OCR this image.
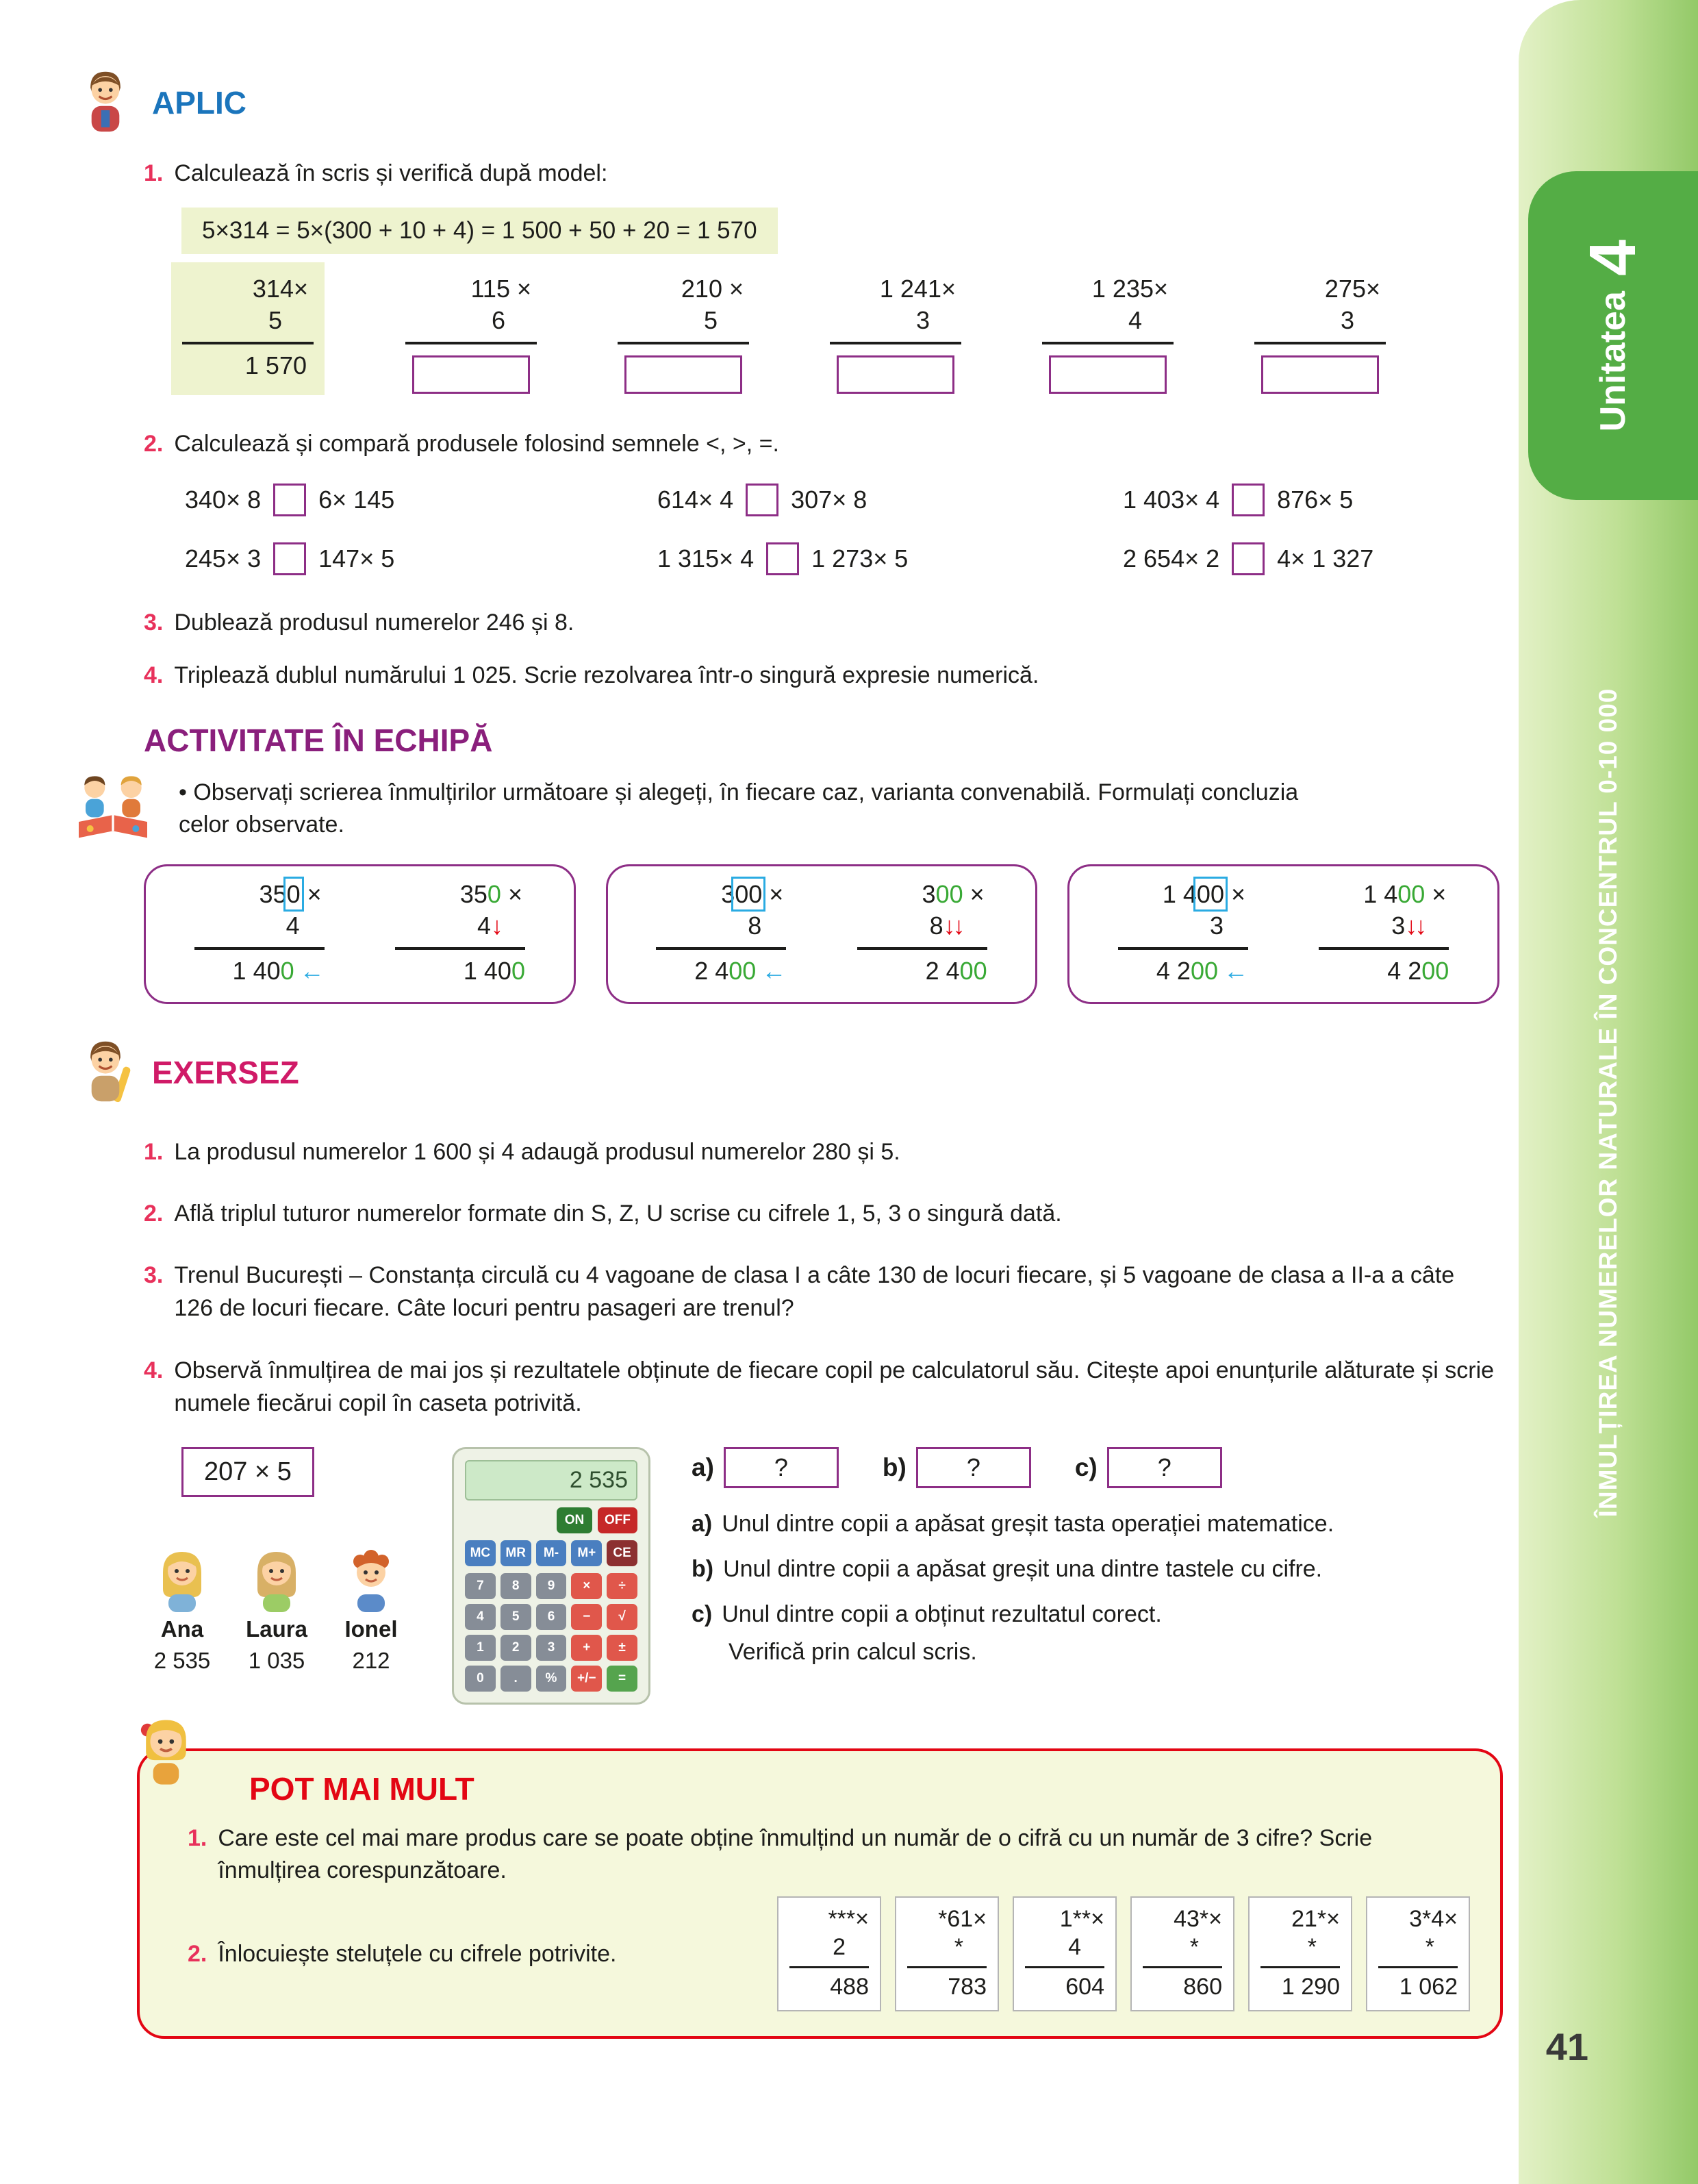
Unitatea
4
ÎNMULȚIREA NUMERELOR NATURALE ÎN CONCENTRUL 0-10 000
41
APLIC
1. Calculează în scris și verifică după model:
5×314 = 5×(300 + 10 + 4) = 1 500 + 50 + 20 = 1 570
314×
5
1 570
115 ×
6
210 ×
5
1 241×
3
1 235×
4
275×
3
2. Calculează și compară produsele folosind semnele <, >, =.
340× 8 6× 145	614× 4 307× 8	1 403× 4 876× 5
245× 3 147× 5	1 315× 4 1 273× 5	2 654× 2 4× 1 327
3. Dublează produsul numerelor 246 și 8.
4. Triplează dublul numărului 1 025. Scrie rezolvarea într-o singură expresie numerică.
ACTIVITATE ÎN ECHIPĂ
• Observați scrierea înmulțirilor următoare și alegeți, în fiecare caz, varianta convenabilă. Formulați concluzia celor observate.
350 ×
4
1 400 ←
350 ×
4↓
1 400
300 ×
8
2 400 ←
300 ×
8↓↓
2 400
1 400 ×
3
4 200 ←
1 400 ×
3↓↓
4 200
EXERSEZ
1. La produsul numerelor 1 600 și 4 adaugă produsul numerelor 280 și 5.
2. Află triplul tuturor numerelor formate din S, Z, U scrise cu cifrele 1, 5, 3 o singură dată.
3. Trenul București – Constanța circulă cu 4 vagoane de clasa I a câte 130 de locuri fiecare, și 5 vagoane de clasa a II-a a câte 126 de locuri fiecare. Câte locuri pentru pasageri are trenul?
4. Observă înmulțirea de mai jos și rezultatele obținute de fiecare copil pe calculatorul său. Citește apoi enunțurile alăturate și scrie numele fiecărui copil în caseta potrivită.
207 × 5
Ana
2 535
Laura
1 035
Ionel
212
2 535
ON	OFF
MC	MR	M-	M+	CE
7	8	9	×	÷
4	5	6	−	√
1	2	3	+	±
0	.	%	+/−	=
a)	?	b)	?	c)	?
a) Unul dintre copii a apăsat greșit tasta operației matematice.
b) Unul dintre copii a apăsat greșit una dintre tastele cu cifre.
c) Unul dintre copii a obținut rezultatul corect.
Verifică prin calcul scris.
POT MAI MULT
1. Care este cel mai mare produs care se poate obține înmulțind un număr de o cifră cu un număr de 3 cifre? Scrie înmulțirea corespunzătoare.
2. Înlocuiește steluțele cu cifrele potrivite.
***×
2
488
*61×
*
783
1**×
4
604
43*×
*
860
21*×
*
1 290
3*4×
*
1 062
